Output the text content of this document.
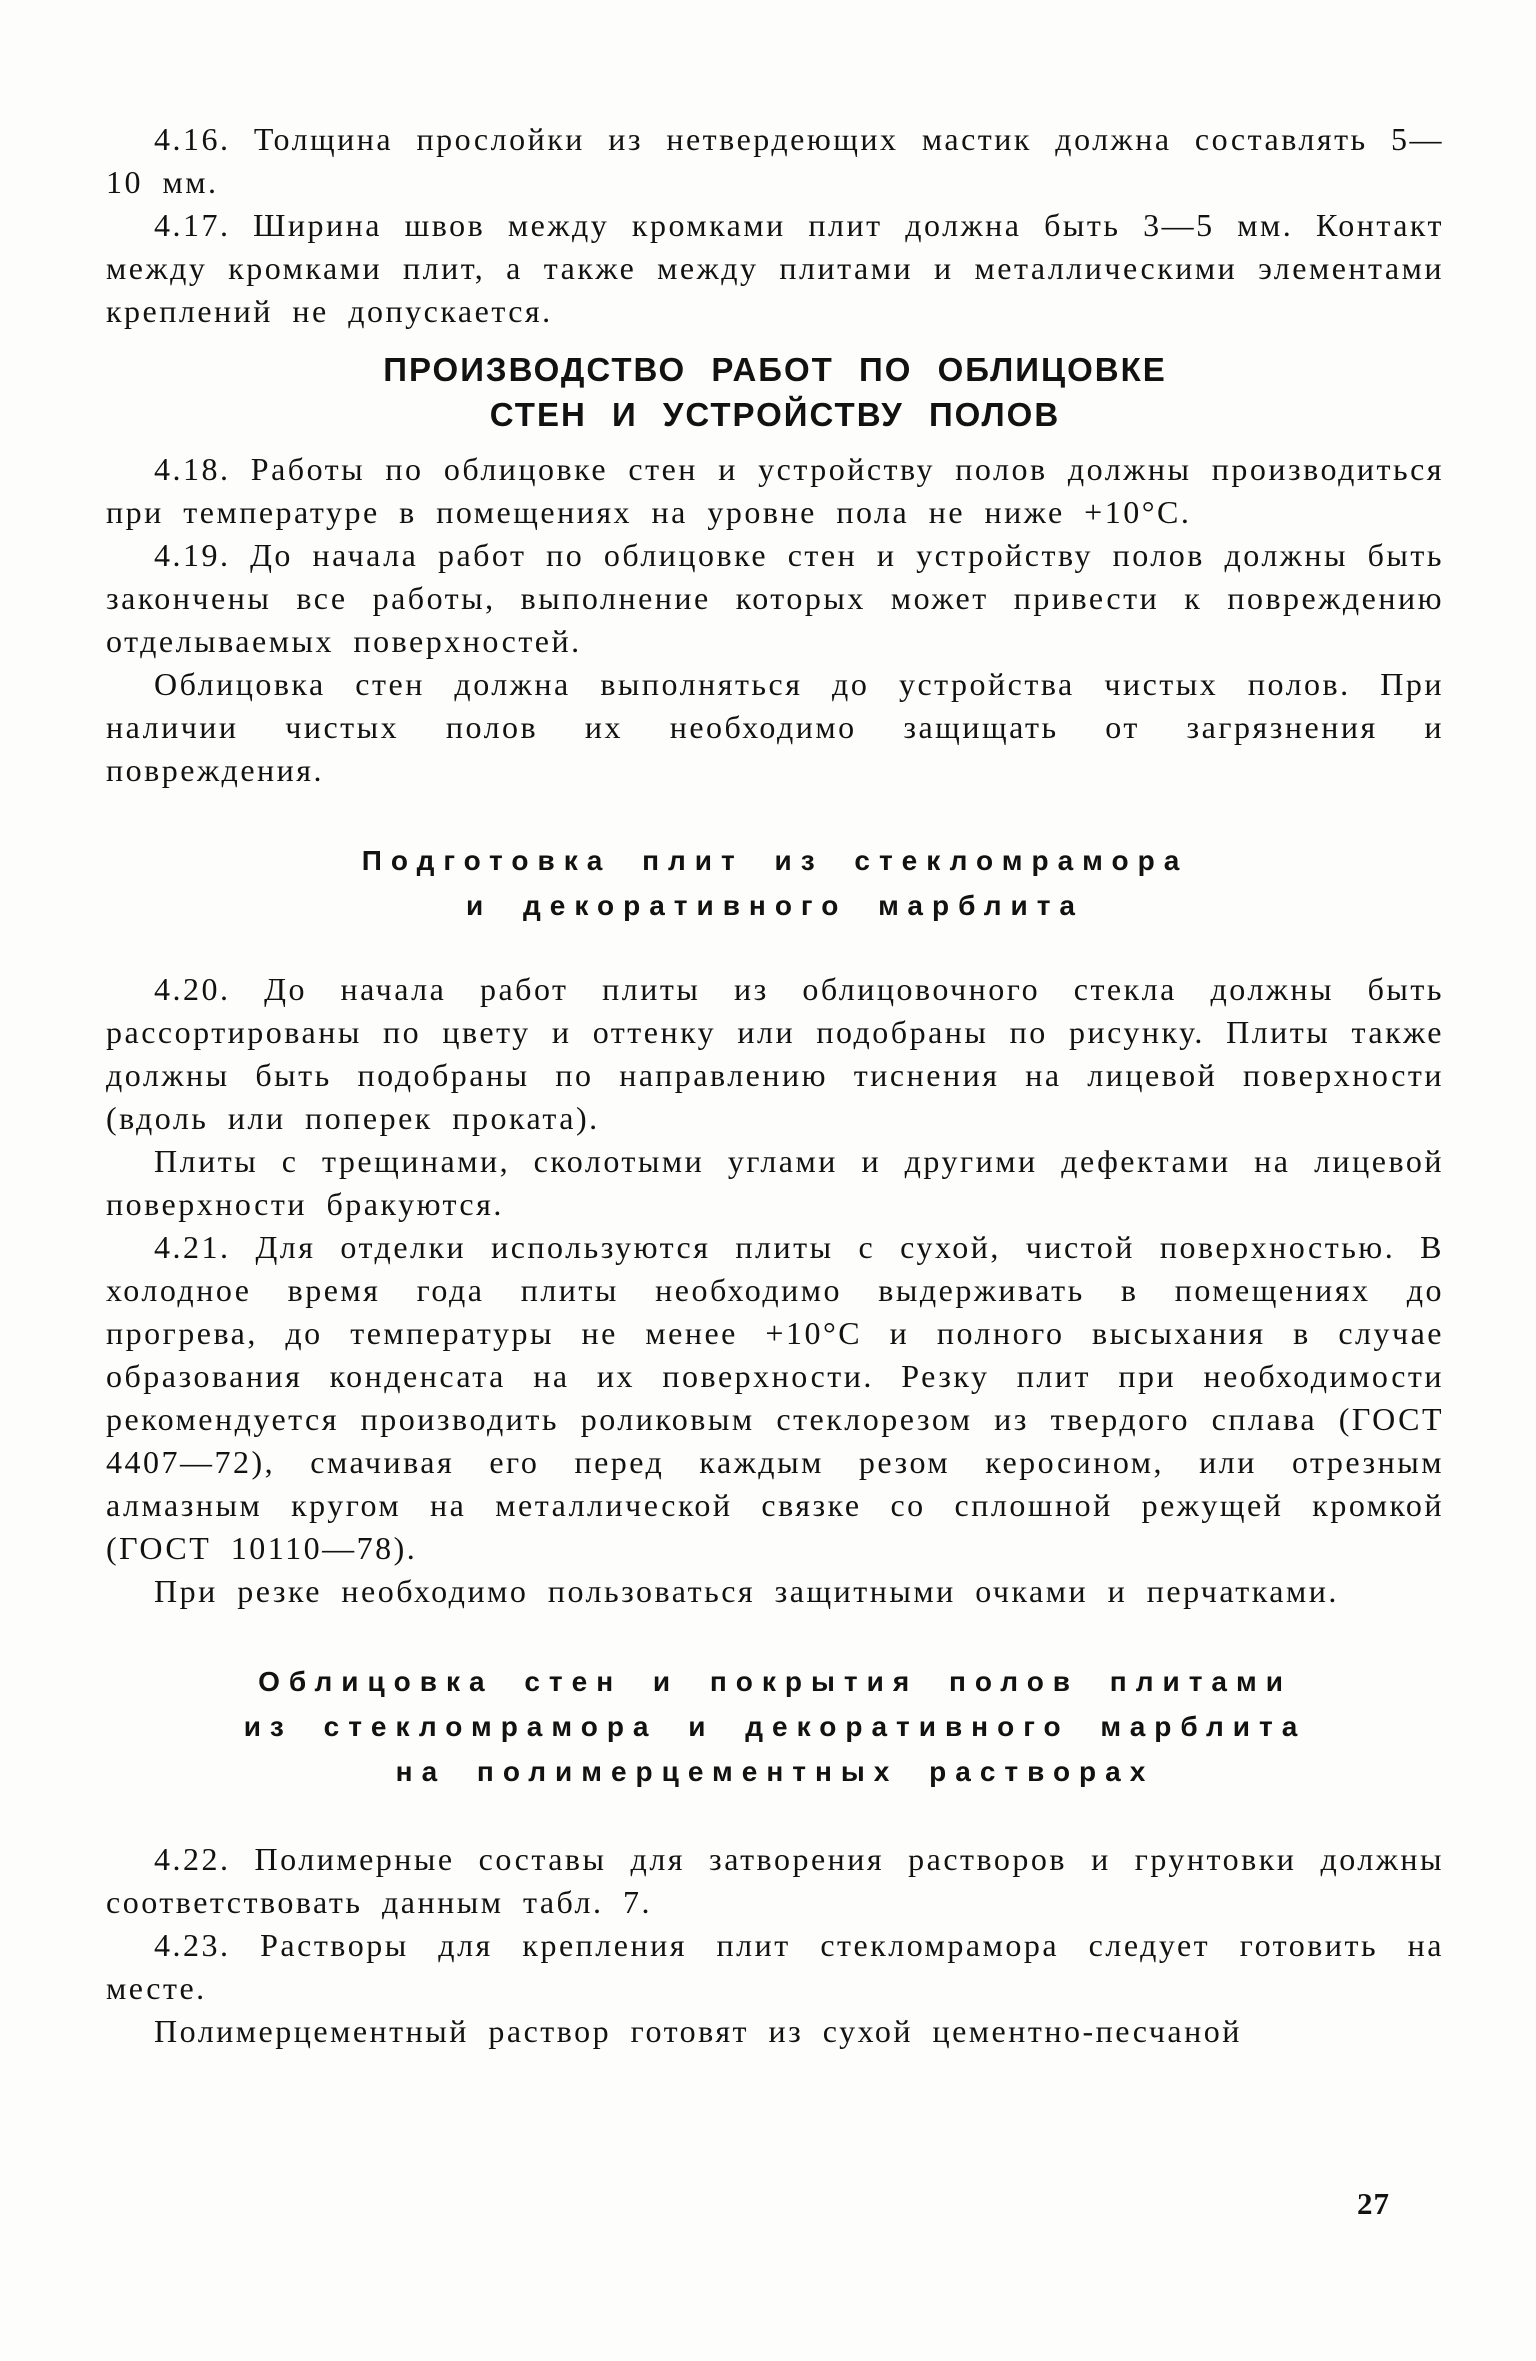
4.16. Толщина прослойки из нетвердеющих мастик должна составлять 5—10 мм.

4.17. Ширина швов между кромками плит должна быть 3—5 мм. Контакт между кромками плит, а также между плитами и металлическими элементами креплений не допускается.

ПРОИЗВОДСТВО РАБОТ ПО ОБЛИЦОВКЕ
СТЕН И УСТРОЙСТВУ ПОЛОВ

4.18. Работы по облицовке стен и устройству полов должны производиться при температуре в помещениях на уровне пола не ниже +10°С.

4.19. До начала работ по облицовке стен и устройству полов должны быть закончены все работы, выполнение которых может привести к повреждению отделываемых поверхностей.

Облицовка стен должна выполняться до устройства чистых полов. При наличии чистых полов их необходимо защищать от загрязнения и повреждения.

Подготовка плит из стекломрамора
и декоративного марблита

4.20. До начала работ плиты из облицовочного стекла должны быть рассортированы по цвету и оттенку или подобраны по рисунку. Плиты также должны быть подобраны по направлению тиснения на лицевой поверхности (вдоль или поперек проката).

Плиты с трещинами, сколотыми углами и другими дефектами на лицевой поверхности бракуются.

4.21. Для отделки используются плиты с сухой, чистой поверхностью. В холодное время года плиты необходимо выдерживать в помещениях до прогрева, до температуры не менее +10°С и полного высыхания в случае образования конденсата на их поверхности. Резку плит при необходимости рекомендуется производить роликовым стеклорезом из твердого сплава (ГОСТ 4407—72), смачивая его перед каждым резом керосином, или отрезным алмазным кругом на металлической связке со сплошной режущей кромкой (ГОСТ 10110—78).

При резке необходимо пользоваться защитными очками и перчатками.

Облицовка стен и покрытия полов плитами
из стекломрамора и декоративного марблита
на полимерцементных растворах

4.22. Полимерные составы для затворения растворов и грунтовки должны соответствовать данным табл. 7.

4.23. Растворы для крепления плит стекломрамора следует готовить на месте.

Полимерцементный раствор готовят из сухой цементно-песчаной

27
